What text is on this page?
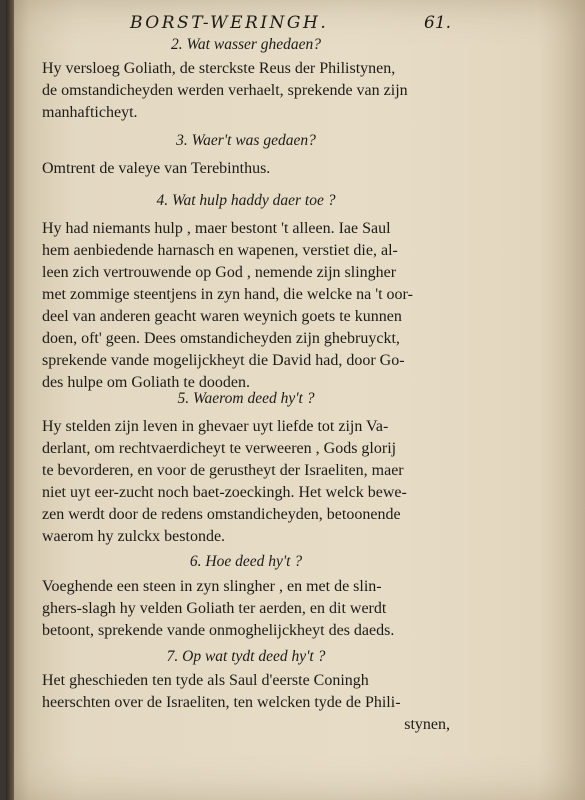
BORST-WERINGH.	61.
2. Wat wasser ghedaen?
Hy versloeg Goliath, de sterckste Reus der Philistynen,
de omstandicheyden werden verhaelt, sprekende van zijn
manhafticheyt.
3. Waer't was gedaen?
Omtrent de valeye van Terebinthus.
4. Wat hulp haddy daer toe ?
Hy had niemants hulp , maer bestont 't alleen. Iae Saul
hem aenbiedende harnasch en wapenen, verstiet die, al-
leen zich vertrouwende op God , nemende zijn slingher
met zommige steentjens in zyn hand, die welcke na 't oor-
deel van anderen geacht waren weynich goets te kunnen
doen, oft' geen. Dees omstandicheyden zijn ghebruyckt,
sprekende vande mogelijckheyt die David had, door Go-
des hulpe om Goliath te dooden.
5. Waerom deed hy't ?
Hy stelden zijn leven in ghevaer uyt liefde tot zijn Va-
derlant, om rechtvaerdicheyt te verweeren , Gods glorij
te bevorderen, en voor de gerustheyt der Israeliten, maer
niet uyt eer-zucht noch baet-zoeckingh. Het welck bewe-
zen werdt door de redens omstandicheyden, betoonende
waerom hy zulckx bestonde.
6. Hoe deed hy't ?
Voeghende een steen in zyn slingher , en met de slin-
ghers-slagh hy velden Goliath ter aerden, en dit werdt
betoont, sprekende vande onmoghelijckheyt des daeds.
7. Op wat tydt deed hy't ?
Het gheschieden ten tyde als Saul d'eerste Coningh
heerschten over de Israeliten, ten welcken tyde de Phili-
stynen,
